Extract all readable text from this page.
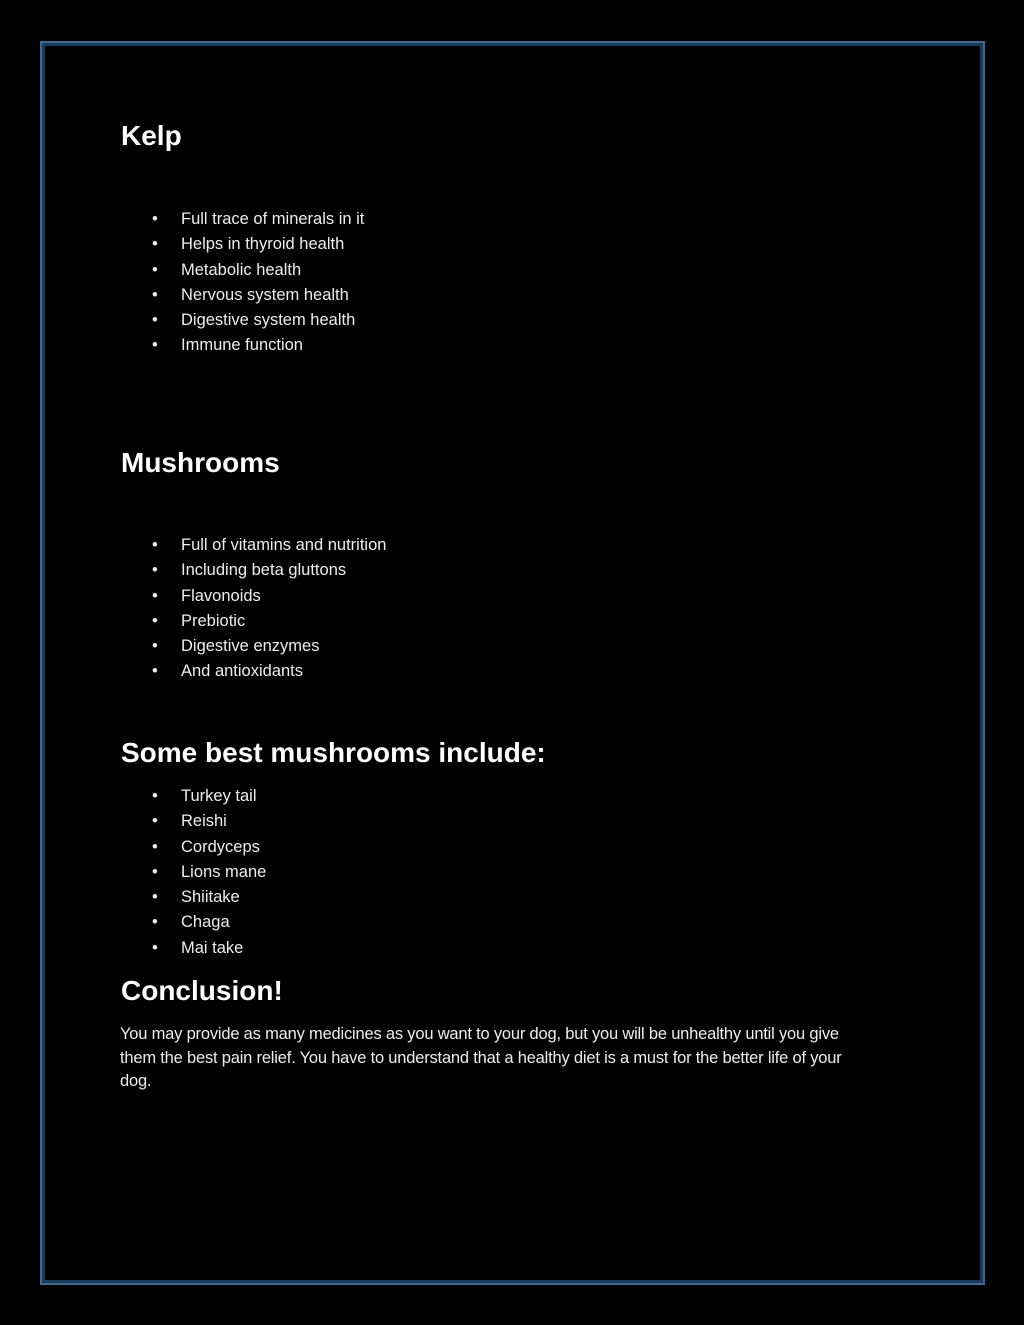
Kelp
•	Full trace of minerals in it
•	Helps in thyroid health
•	Metabolic health
•	Nervous system health
•	Digestive system health
•	Immune function
Mushrooms
•	Full of vitamins and nutrition
•	Including beta gluttons
•	Flavonoids
•	Prebiotic
•	Digestive enzymes
•	And antioxidants
Some best mushrooms include:
•	Turkey tail
•	Reishi
•	Cordyceps
•	Lions mane
•	Shiitake
•	Chaga
•	Mai take
Conclusion!
You may provide as many medicines as you want to your dog, but you will be unhealthy until you give
them the best pain relief. You have to understand that a healthy diet is a must for the better life of your
dog.
